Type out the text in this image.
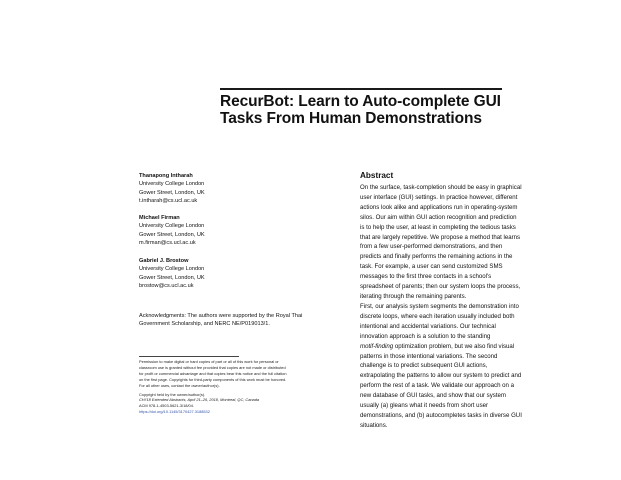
RecurBot: Learn to Auto-complete GUI
Tasks From Human Demonstrations
Thanapong Intharah
University College London
Gower Street, London, UK
t.intharah@cs.ucl.ac.uk
Michael Firman
University College London
Gower Street, London, UK
m.firman@cs.ucl.ac.uk
Gabriel J. Brostow
University College London
Gower Street, London, UK
brostow@cs.ucl.ac.uk
Acknowledgments: The authors were supported by the Royal Thai
Government Scholarship, and NERC NE/P019013/1.

Permission to make digital or hard copies of part or all of this work for personal or

classroom use is granted without fee provided that copies are not made or distributed

for profit or commercial advantage and that copies bear this notice and the full citation

on the first page. Copyrights for third-party components of this work must be honored.

For all other uses, contact the owner/author(s).

Copyright held by the owner/author(s).

CHI'18 Extended Abstracts, April 21–26, 2018, Montreal, QC, Canada

ACM 978-1-4503-5621-3/18/04.

https://doi.org/10.1145/3170427.3188532

Abstract
On the surface, task-completion should be easy in graphical
user interface (GUI) settings. In practice however, different
actions look alike and applications run in operating-system
silos. Our aim within GUI action recognition and prediction
is to help the user, at least in completing the tedious tasks
that are largely repetitive. We propose a method that learns
from a few user-performed demonstrations, and then
predicts and finally performs the remaining actions in the
task. For example, a user can send customized SMS
messages to the first three contacts in a school's
spreadsheet of parents; then our system loops the process,
iterating through the remaining parents.
First, our analysis system segments the demonstration into
discrete loops, where each iteration usually included both
intentional and accidental variations. Our technical
innovation approach is a solution to the standing
motif-finding optimization problem, but we also find visual
patterns in those intentional variations. The second
challenge is to predict subsequent GUI actions,
extrapolating the patterns to allow our system to predict and
perform the rest of a task. We validate our approach on a
new database of GUI tasks, and show that our system
usually (a) gleans what it needs from short user
demonstrations, and (b) autocompletes tasks in diverse GUI
situations.
